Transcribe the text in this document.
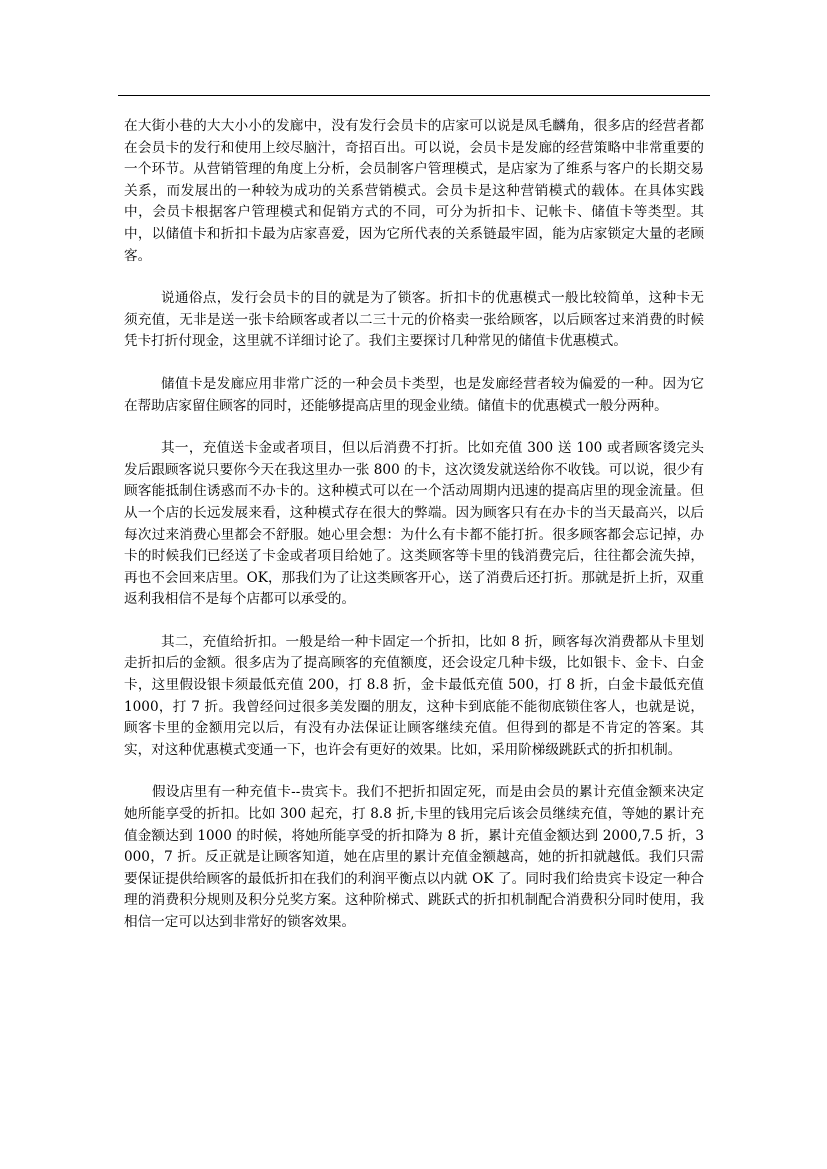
在大街小巷的大大小小的发廊中，没有发行会员卡的店家可以说是凤毛麟角，很多店的经营者都在会员卡的发行和使用上绞尽脑汁，奇招百出。可以说，会员卡是发廊的经营策略中非常重要的一个环节。从营销管理的角度上分析，会员制客户管理模式，是店家为了维系与客户的长期交易关系，而发展出的一种较为成功的关系营销模式。会员卡是这种营销模式的载体。在具体实践中，会员卡根据客户管理模式和促销方式的不同，可分为折扣卡、记帐卡、储值卡等类型。其中，以储值卡和折扣卡最为店家喜爱，因为它所代表的关系链最牢固，能为店家锁定大量的老顾客。

说通俗点，发行会员卡的目的就是为了锁客。折扣卡的优惠模式一般比较简单，这种卡无须充值，无非是送一张卡给顾客或者以二三十元的价格卖一张给顾客，以后顾客过来消费的时候凭卡打折付现金，这里就不详细讨论了。我们主要探讨几种常见的储值卡优惠模式。

储值卡是发廊应用非常广泛的一种会员卡类型，也是发廊经营者较为偏爱的一种。因为它在帮助店家留住顾客的同时，还能够提高店里的现金业绩。储值卡的优惠模式一般分两种。

其一，充值送卡金或者项目，但以后消费不打折。比如充值 300 送 100 或者顾客烫完头发后跟顾客说只要你今天在我这里办一张 800 的卡，这次烫发就送给你不收钱。可以说，很少有顾客能抵制住诱惑而不办卡的。这种模式可以在一个活动周期内迅速的提高店里的现金流量。但从一个店的长远发展来看，这种模式存在很大的弊端。因为顾客只有在办卡的当天最高兴，以后每次过来消费心里都会不舒服。她心里会想：为什么有卡都不能打折。很多顾客都会忘记掉，办卡的时候我们已经送了卡金或者项目给她了。这类顾客等卡里的钱消费完后，往往都会流失掉，再也不会回来店里。OK，那我们为了让这类顾客开心，送了消费后还打折。那就是折上折，双重返利我相信不是每个店都可以承受的。

其二，充值给折扣。一般是给一种卡固定一个折扣，比如 8 折，顾客每次消费都从卡里划走折扣后的金额。很多店为了提高顾客的充值额度，还会设定几种卡级，比如银卡、金卡、白金卡，这里假设银卡须最低充值 200，打 8.8 折，金卡最低充值 500，打 8 折，白金卡最低充值 1000，打 7 折。我曾经问过很多美发圈的朋友，这种卡到底能不能彻底锁住客人，也就是说，顾客卡里的金额用完以后，有没有办法保证让顾客继续充值。但得到的都是不肯定的答案。其实，对这种优惠模式变通一下，也许会有更好的效果。比如，采用阶梯级跳跃式的折扣机制。

假设店里有一种充值卡--贵宾卡。我们不把折扣固定死，而是由会员的累计充值金额来决定她所能享受的折扣。比如 300 起充，打 8.8 折,卡里的钱用完后该会员继续充值，等她的累计充值金额达到 1000 的时候，将她所能享受的折扣降为 8 折，累计充值金额达到 2000,7.5 折，3000，7 折。反正就是让顾客知道，她在店里的累计充值金额越高，她的折扣就越低。我们只需要保证提供给顾客的最低折扣在我们的利润平衡点以内就 OK 了。同时我们给贵宾卡设定一种合理的消费积分规则及积分兑奖方案。这种阶梯式、跳跃式的折扣机制配合消费积分同时使用，我相信一定可以达到非常好的锁客效果。
